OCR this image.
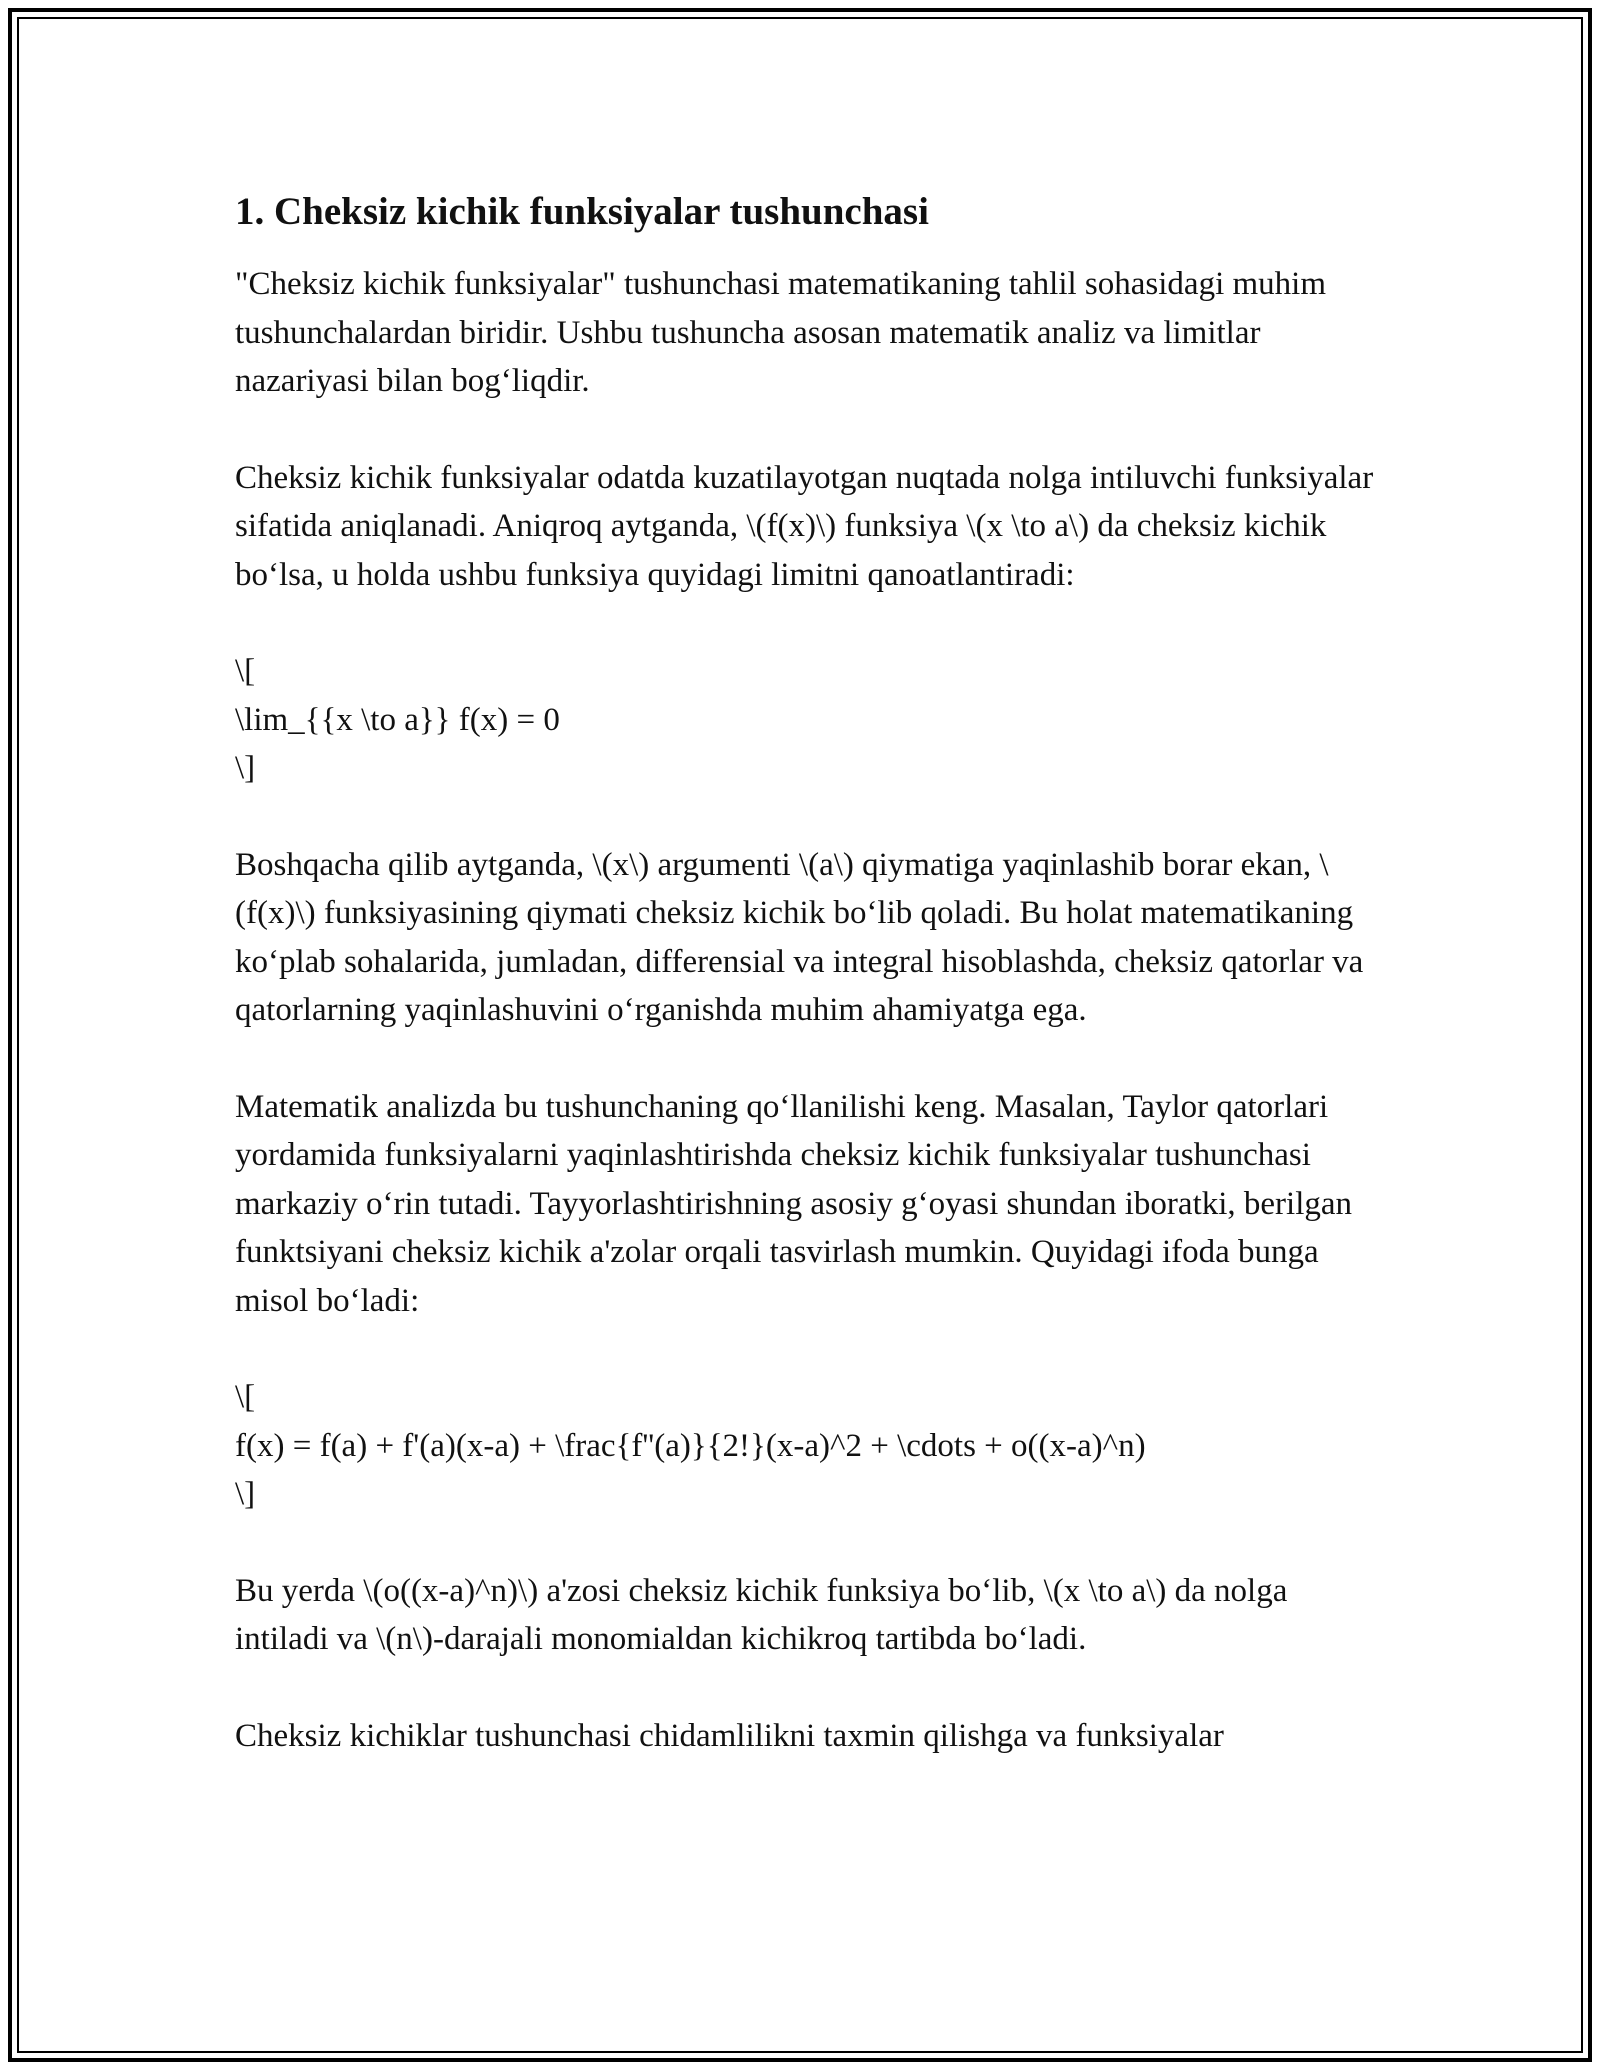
1. Cheksiz kichik funksiyalar tushunchasi

"Cheksiz kichik funksiyalar" tushunchasi matematikaning tahlil sohasidagi muhim tushunchalardan biridir. Ushbu tushuncha asosan matematik analiz va limitlar nazariyasi bilan bog‘liqdir.

Cheksiz kichik funksiyalar odatda kuzatilayotgan nuqtada nolga intiluvchi funksiyalar sifatida aniqlanadi. Aniqroq aytganda, \(f(x)\) funksiya \(x \to a\) da cheksiz kichik bo‘lsa, u holda ushbu funksiya quyidagi limitni qanoatlantiradi:

\[
\lim_{{x \to a}} f(x) = 0
\]

Boshqacha qilib aytganda, \(x\) argumenti \(a\) qiymatiga yaqinlashib borar ekan, \(f(x)\) funksiyasining qiymati cheksiz kichik bo‘lib qoladi. Bu holat matematikaning ko‘plab sohalarida, jumladan, differensial va integral hisoblashda, cheksiz qatorlar va qatorlarning yaqinlashuvini o‘rganishda muhim ahamiyatga ega.

Matematik analizda bu tushunchaning qo‘llanilishi keng. Masalan, Taylor qatorlari yordamida funksiyalarni yaqinlashtirishda cheksiz kichik funksiyalar tushunchasi markaziy o‘rin tutadi. Tayyorlashtirishning asosiy g‘oyasi shundan iboratki, berilgan funktsiyani cheksiz kichik a'zolar orqali tasvirlash mumkin. Quyidagi ifoda bunga misol bo‘ladi:

\[
f(x) = f(a) + f'(a)(x-a) + \frac{f''(a)}{2!}(x-a)^2 + \cdots + o((x-a)^n)
\]

Bu yerda \(o((x-a)^n)\) a'zosi cheksiz kichik funksiya bo‘lib, \(x \to a\) da nolga intiladi va \(n\)-darajali monomialdan kichikroq tartibda bo‘ladi.

Cheksiz kichiklar tushunchasi chidamlilikni taxmin qilishga va funksiyalar
